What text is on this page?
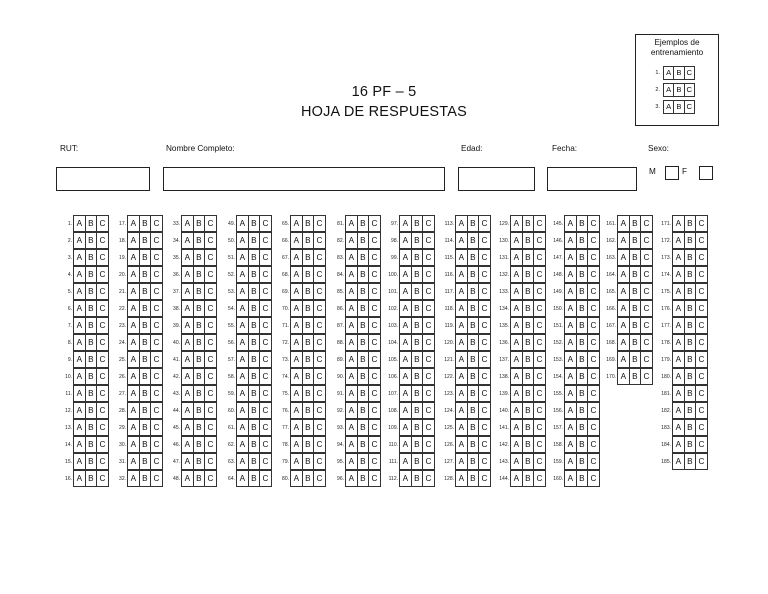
16 PF – 5
HOJA DE RESPUESTAS
Ejemplos de entrenamiento
1. A B C
2. A B C
3. A B C
RUT:	Nombre Completo:	Edad:	Fecha:	Sexo:
M	F
1. A B C
2. A B C
3. A B C
4. A B C
5. A B C
6. A B C
7. A B C
8. A B C
9. A B C
10. A B C
11. A B C
12. A B C
13. A B C
14. A B C
15. A B C
16. A B C
17. A B C
18. A B C
19. A B C
20. A B C
21. A B C
22. A B C
23. A B C
24. A B C
25. A B C
26. A B C
27. A B C
28. A B C
29. A B C
30. A B C
31. A B C
32. A B C
33. A B C
34. A B C
35. A B C
36. A B C
37. A B C
38. A B C
39. A B C
40. A B C
41. A B C
42. A B C
43. A B C
44. A B C
45. A B C
46. A B C
47. A B C
48. A B C
49. A B C
50. A B C
51. A B C
52. A B C
53. A B C
54. A B C
55. A B C
56. A B C
57. A B C
58. A B C
59. A B C
60. A B C
61. A B C
62. A B C
63. A B C
64. A B C
65. A B C
66. A B C
67. A B C
68. A B C
69. A B C
70. A B C
71. A B C
72. A B C
73. A B C
74. A B C
75. A B C
76. A B C
77. A B C
78. A B C
79. A B C
80. A B C
81. A B C
82. A B C
83. A B C
84. A B C
85. A B C
86. A B C
87. A B C
88. A B C
89. A B C
90. A B C
91. A B C
92. A B C
93. A B C
94. A B C
95. A B C
96. A B C
97. A B C
98. A B C
99. A B C
100. A B C
101. A B C
102. A B C
103. A B C
104. A B C
105. A B C
106. A B C
107. A B C
108. A B C
109. A B C
110. A B C
111. A B C
112. A B C
113. A B C
114. A B C
115. A B C
116. A B C
117. A B C
118. A B C
119. A B C
120. A B C
121. A B C
122. A B C
123. A B C
124. A B C
125. A B C
126. A B C
127. A B C
128. A B C
129. A B C
130. A B C
131. A B C
132. A B C
133. A B C
134. A B C
135. A B C
136. A B C
137. A B C
138. A B C
139. A B C
140. A B C
141. A B C
142. A B C
143. A B C
144. A B C
145. A B C
146. A B C
147. A B C
148. A B C
149. A B C
150. A B C
151. A B C
152. A B C
153. A B C
154. A B C
155. A B C
156. A B C
157. A B C
158. A B C
159. A B C
160. A B C
161. A B C
162. A B C
163. A B C
164. A B C
165. A B C
166. A B C
167. A B C
168. A B C
169. A B C
170. A B C
171. A B C
172. A B C
173. A B C
174. A B C
175. A B C
176. A B C
177. A B C
178. A B C
179. A B C
180. A B C
181. A B C
182. A B C
183. A B C
184. A B C
185. A B C
